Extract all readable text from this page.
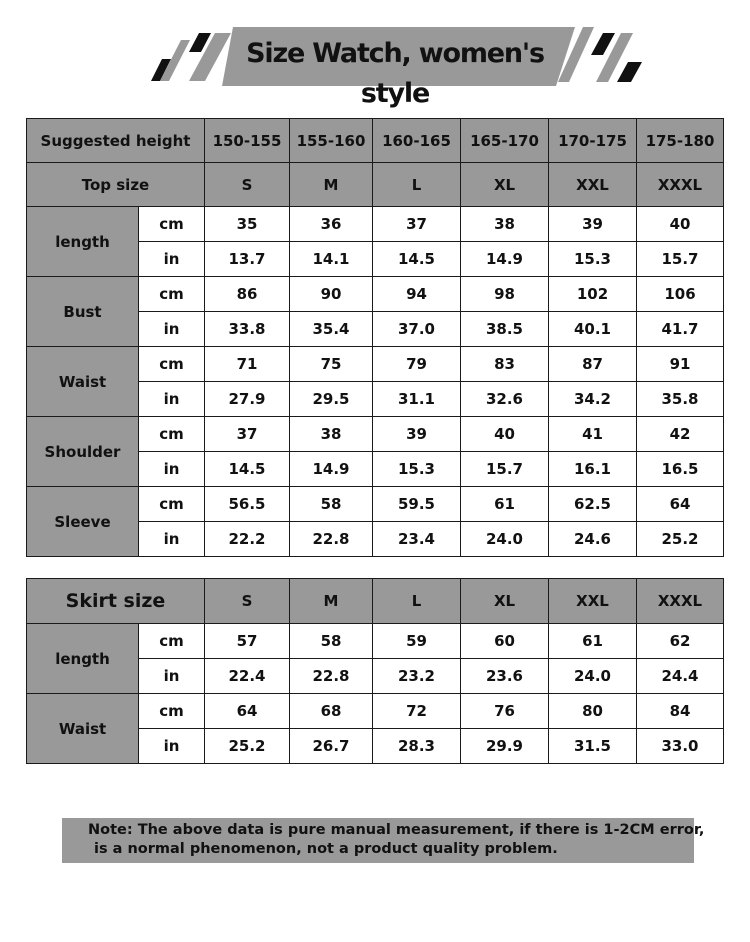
Size Watch, women's style
Suggested height		150-155	155-160	160-165	165-170	170-175	175-180
Top size		S	M	L	XL	XXL	XXXL
length	cm	35	36	37	38	39	40
	in	13.7	14.1	14.5	14.9	15.3	15.7
Bust	cm	86	90	94	98	102	106
	in	33.8	35.4	37.0	38.5	40.1	41.7
Waist	cm	71	75	79	83	87	91
	in	27.9	29.5	31.1	32.6	34.2	35.8
Shoulder	cm	37	38	39	40	41	42
	in	14.5	14.9	15.3	15.7	16.1	16.5
Sleeve	cm	56.5	58	59.5	61	62.5	64
	in	22.2	22.8	23.4	24.0	24.6	25.2
Skirt size		S	M	L	XL	XXL	XXXL
length	cm	57	58	59	60	61	62
	in	22.4	22.8	23.2	23.6	24.0	24.4
Waist	cm	64	68	72	76	80	84
	in	25.2	26.7	28.3	29.9	31.5	33.0
Note: The above data is pure manual measurement, if there is 1-2CM error,
is a normal phenomenon, not a product quality problem.
